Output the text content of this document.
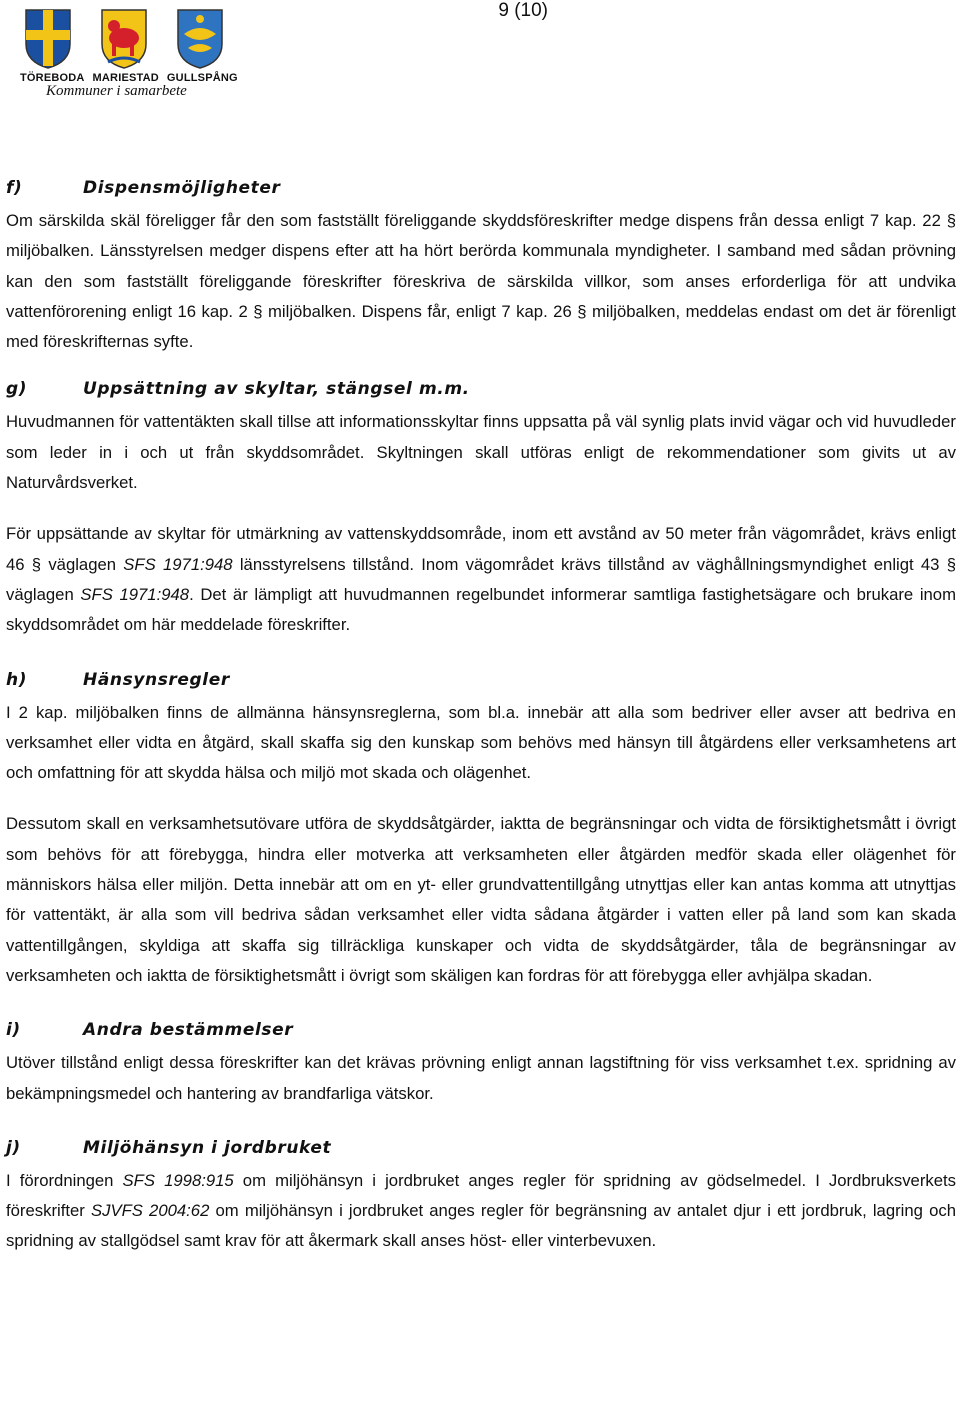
9 (10)
TÖREBODA MARIESTAD GULLSPÅNG
Kommuner i samarbete
f)	Dispensmöjligheter

Om särskilda skäl föreligger får den som fastställt föreliggande skyddsföreskrifter medge dispens från dessa enligt 7 kap. 22 § miljöbalken. Länsstyrelsen medger dispens efter att ha hört berörda kommunala myndigheter. I samband med sådan prövning kan den som fastställt föreliggande föreskrifter föreskriva de särskilda villkor, som anses erforderliga för att undvika vattenförorening enligt 16 kap. 2 § miljöbalken. Dispens får, enligt 7 kap. 26 § miljöbalken, meddelas endast om det är förenligt med föreskrifternas syfte.

g)	Uppsättning av skyltar, stängsel m.m.

Huvudmannen för vattentäkten skall tillse att informationsskyltar finns uppsatta på väl synlig plats invid vägar och vid huvudleder som leder in i och ut från skyddsområdet. Skyltningen skall utföras enligt de rekommendationer som givits ut av Naturvårdsverket.

För uppsättande av skyltar för utmärkning av vattenskyddsområde, inom ett avstånd av 50 meter från vägområdet, krävs enligt 46 § väglagen SFS 1971:948 länsstyrelsens tillstånd. Inom vägområdet krävs tillstånd av väghållningsmyndighet enligt 43 § väglagen SFS 1971:948. Det är lämpligt att huvudmannen regelbundet informerar samtliga fastighetsägare och brukare inom skyddsområdet om här meddelade föreskrifter.

h)	Hänsynsregler

I 2 kap. miljöbalken finns de allmänna hänsynsreglerna, som bl.a. innebär att alla som bedriver eller avser att bedriva en verksamhet eller vidta en åtgärd, skall skaffa sig den kunskap som behövs med hänsyn till åtgärdens eller verksamhetens art och omfattning för att skydda hälsa och miljö mot skada och olägenhet.

Dessutom skall en verksamhetsutövare utföra de skyddsåtgärder, iaktta de begränsningar och vidta de försiktighetsmått i övrigt som behövs för att förebygga, hindra eller motverka att verksamheten eller åtgärden medför skada eller olägenhet för människors hälsa eller miljön. Detta innebär att om en yt- eller grundvattentillgång utnyttjas eller kan antas komma att utnyttjas för vattentäkt, är alla som vill bedriva sådan verksamhet eller vidta sådana åtgärder i vatten eller på land som kan skada vattentillgången, skyldiga att skaffa sig tillräckliga kunskaper och vidta de skyddsåtgärder, tåla de begränsningar av verksamheten och iaktta de försiktighetsmått i övrigt som skäligen kan fordras för att förebygga eller avhjälpa skadan.

i)	Andra bestämmelser

Utöver tillstånd enligt dessa föreskrifter kan det krävas prövning enligt annan lagstiftning för viss verksamhet t.ex. spridning av bekämpningsmedel och hantering av brandfarliga vätskor.

j)	Miljöhänsyn i jordbruket

I förordningen SFS 1998:915 om miljöhänsyn i jordbruket anges regler för spridning av gödselmedel. I Jordbruksverkets föreskrifter SJVFS 2004:62 om miljöhänsyn i jordbruket anges regler för begränsning av antalet djur i ett jordbruk, lagring och spridning av stallgödsel samt krav för att åkermark skall anses höst- eller vinterbevuxen.
